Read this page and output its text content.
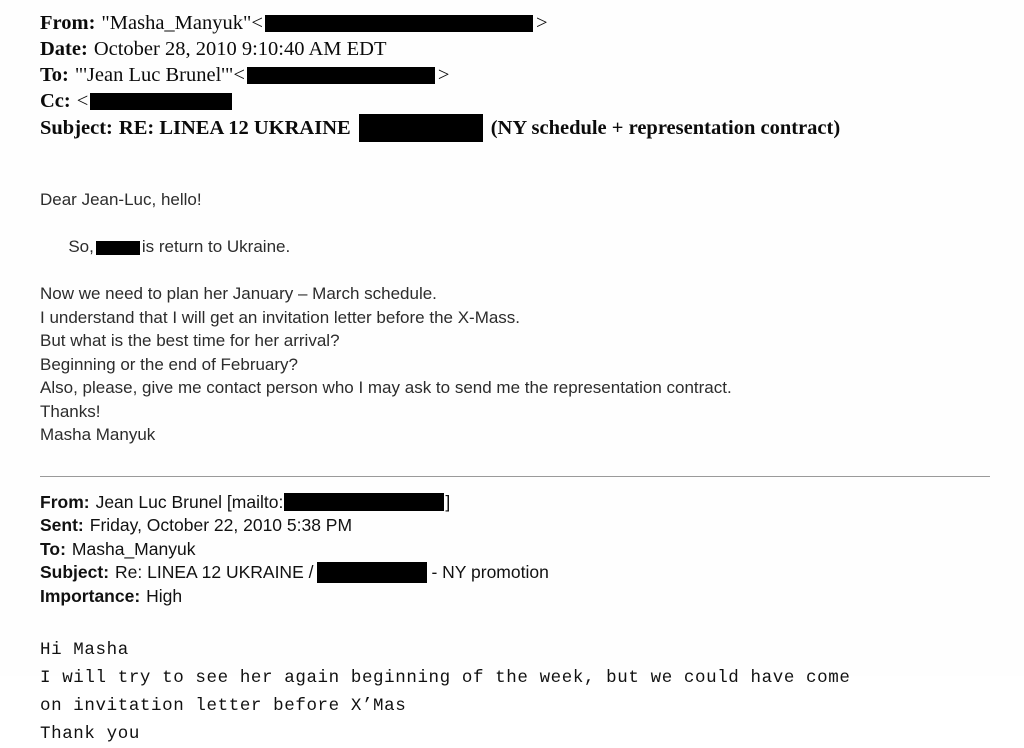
From: "Masha_Manyuk" <	>
Date: October 28, 2010 9:10:40 AM EDT
To: "'Jean Luc Brunel'" <	>
Cc: <
Subject: RE: LINEA 12 UKRAINE	(NY schedule + representation contract)
Dear Jean-Luc, hello!

So,	is return to Ukraine.

Now we need to plan her January – March schedule.
I understand that I will get an invitation letter before the X-Mass.
But what is the best time for her arrival?
Beginning or the end of February?
Also, please, give me contact person who I may ask to send me the representation contract.
Thanks!
Masha Manyuk
From: Jean Luc Brunel [mailto:	]
Sent: Friday, October 22, 2010 5:38 PM
To: Masha_Manyuk
Subject: Re: LINEA 12 UKRAINE /	- NY promotion
Importance: High
Hi Masha
I will try to see her again beginning of the week, but we could have come
on invitation letter before X’Mas
Thank you
